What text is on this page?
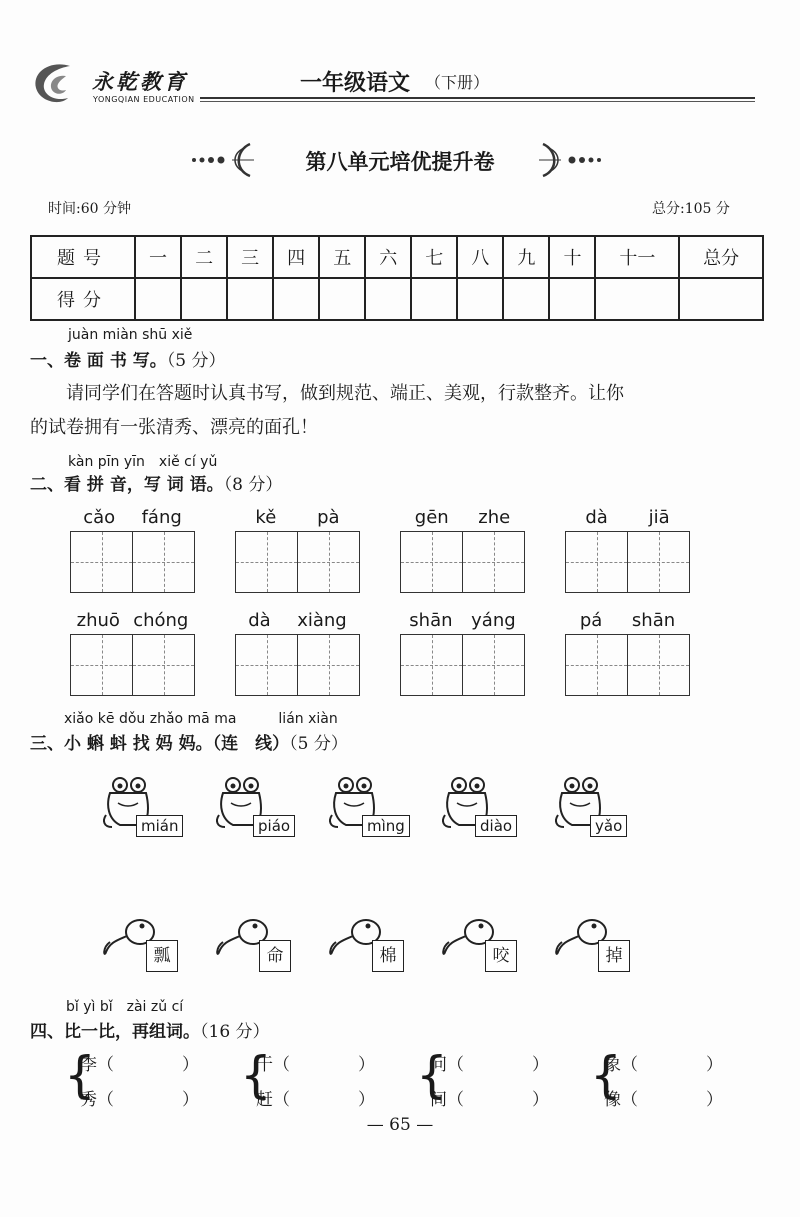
永乾教育
YONGQIAN EDUCATION
一年级语文 （下册）
第八单元培优提升卷
时间:60 分钟	总分:105 分
题号	一	二	三	四	五	六	七	八	九	十	十一	总分
得分												
juàn miàn shū xiě
一、卷 面 书 写。（5 分）
请同学们在答题时认真书写，做到规范、端正、美观，行款整齐。让你
的试卷拥有一张清秀、漂亮的面孔！
kàn pīn yīn　xiě cí yǔ
二、看 拼 音，写 词 语。（8 分）
cǎo fáng	kě pà	gēn zhe	dà jiā
zhuō chóng	dà xiàng	shān yáng	pá shān
xiǎo kē dǒu zhǎo mā ma　　　lián xiàn
三、小 蝌 蚪 找 妈 妈。（连　线）（5 分）
mián	piáo	mìng	diào	yǎo
瓢	命	棉	咬	掉
bǐ yì bǐ　zài zǔ cí
四、比一比，再组词。（16 分）
{
李（　　　　）
秀（　　　　） {
干（　　　　）
赶（　　　　） {
问（　　　　）
间（　　　　） {
象（　　　　）
像（　　　　）
— 65 —
